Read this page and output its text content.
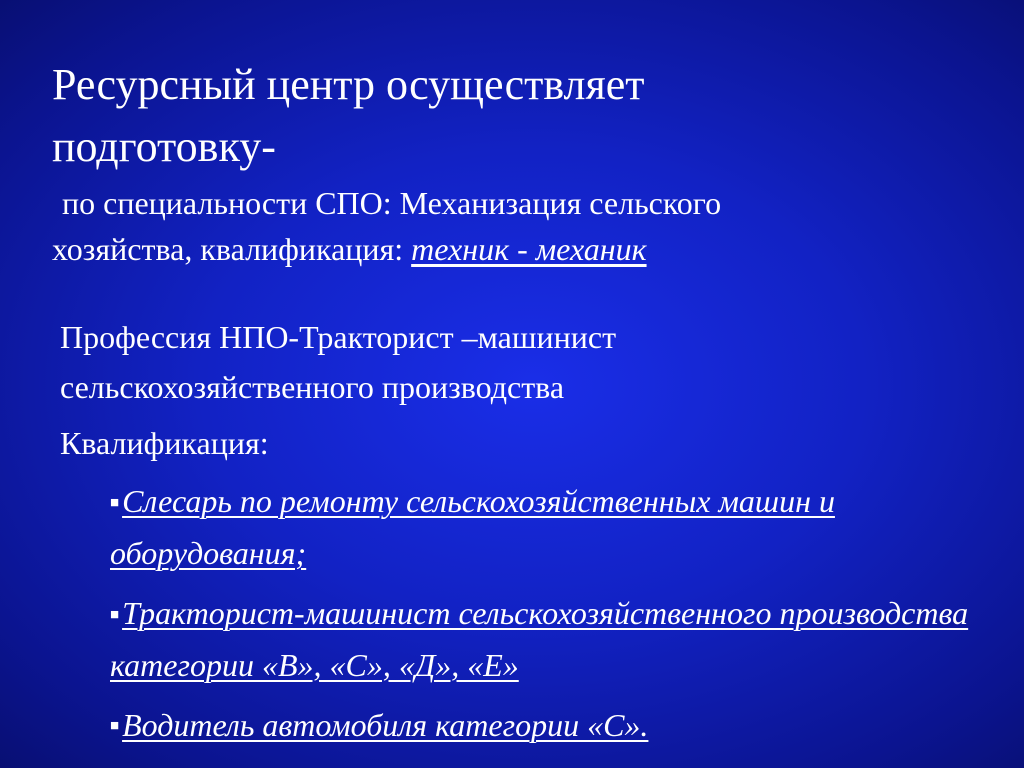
Ресурсный центр осуществляет
подготовку-
по специальности СПО: Механизация сельского
хозяйства, квалификация: техник - механик
Профессия НПО-Тракторист –машинист
сельскохозяйственного производства
Квалификация:
■Слесарь по ремонту сельскохозяйственных машин и оборудования;
■Тракторист-машинист сельскохозяйственного производства категории «В», «С», «Д», «Е»
■Водитель автомобиля категории «С».
